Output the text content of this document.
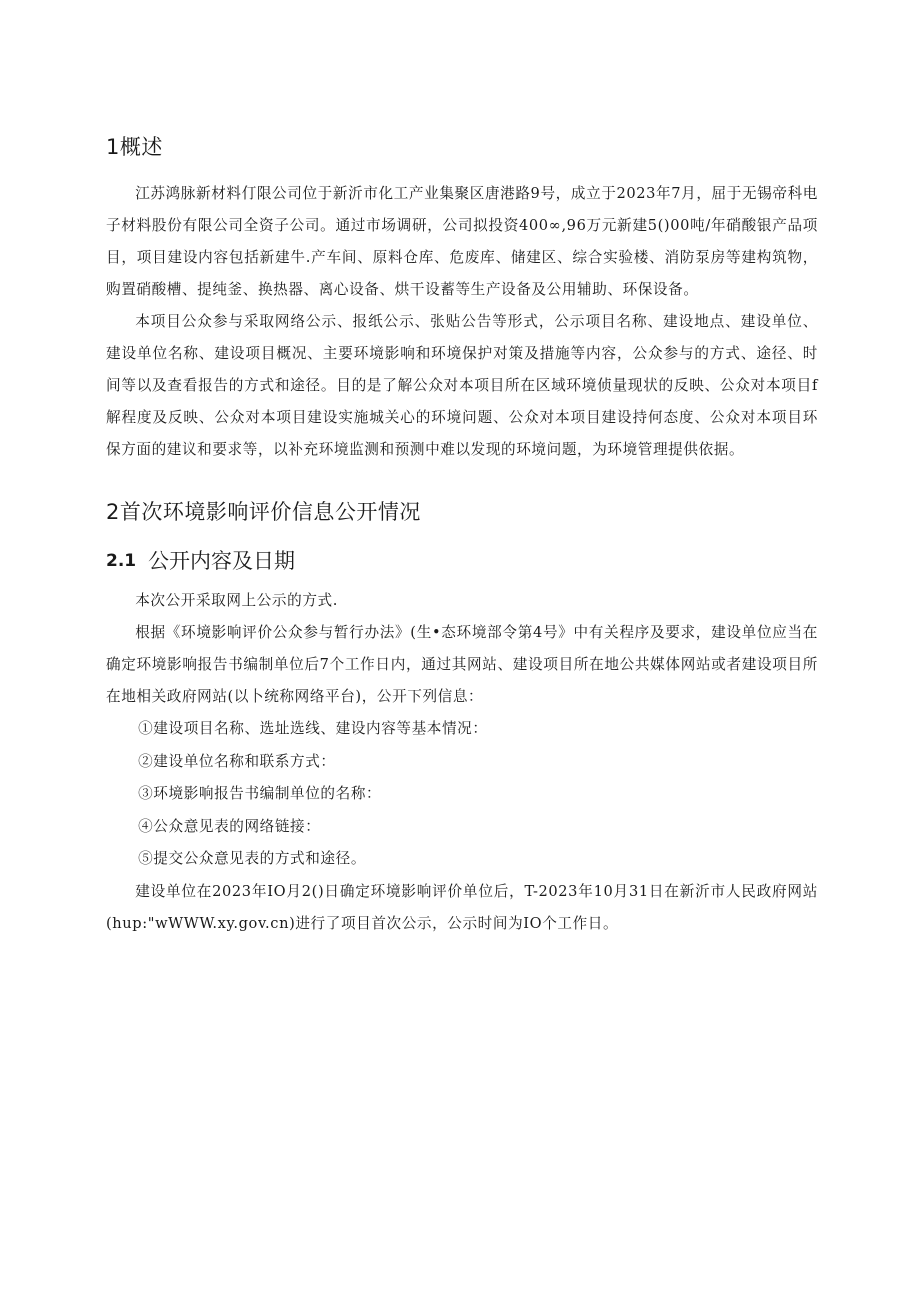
1概述

江苏鸿脉新材料仃限公司位于新沂市化工产业集聚区唐港路9号，成立于2023年7月，屈于无锡帝科电子材料股份有限公司全资子公司。通过市场调研，公司拟投资400∞,96万元新建5()00吨/年硝酸银产品项目，项目建设内容包括新建牛.产车间、原料仓库、危废库、储建区、综合实验楼、消防泵房等建构筑物，购置硝酸槽、提纯釜、换热器、离心设备、烘干设蓄等生产设备及公用辅助、环保设备。

本项目公众参与采取网络公示、报纸公示、张贴公告等形式，公示项目名称、建设地点、建设单位、建设单位名称、建设项目概况、主要环境影响和环境保护对策及措施等内容，公众参与的方式、途径、时间等以及查看报告的方式和途径。目的是了解公众对本项目所在区域环境侦量现状的反映、公众对本项目f解程度及反映、公众对本项目建设实施城关心的环境问题、公众对本项目建设持何态度、公众对本项目环保方面的建议和要求等，以补充环境监测和预测中难以发现的环境问题，为环境管理提供依据。

2首次环境影响评价信息公开情况
2.1 公开内容及日期

本次公开采取网上公示的方式.

根据《环境影响评价公众参与暂行办法》(生•态环境部令第4号》中有关程序及要求，建设单位应当在确定环境影响报告书编制单位后7个工作日内，通过其网站、建设项目所在地公共媒体网站或者建设项目所在地相关政府网站(以卜统称网络平台)，公开下列信息：

①建设项目名称、选址选线、建设内容等基本情况：

②建设单位名称和联系方式：

③环境影响报告书编制单位的名称：

④公众意见表的网络链接：

⑤提交公众意见表的方式和途径。

建设单位在2023年IO月2()日确定环境影响评价单位后，T-2023年10月31日在新沂市人民政府网站(hup:"wWWW.xy.gov.cn)进行了项目首次公示，公示时间为IO个工作日。
